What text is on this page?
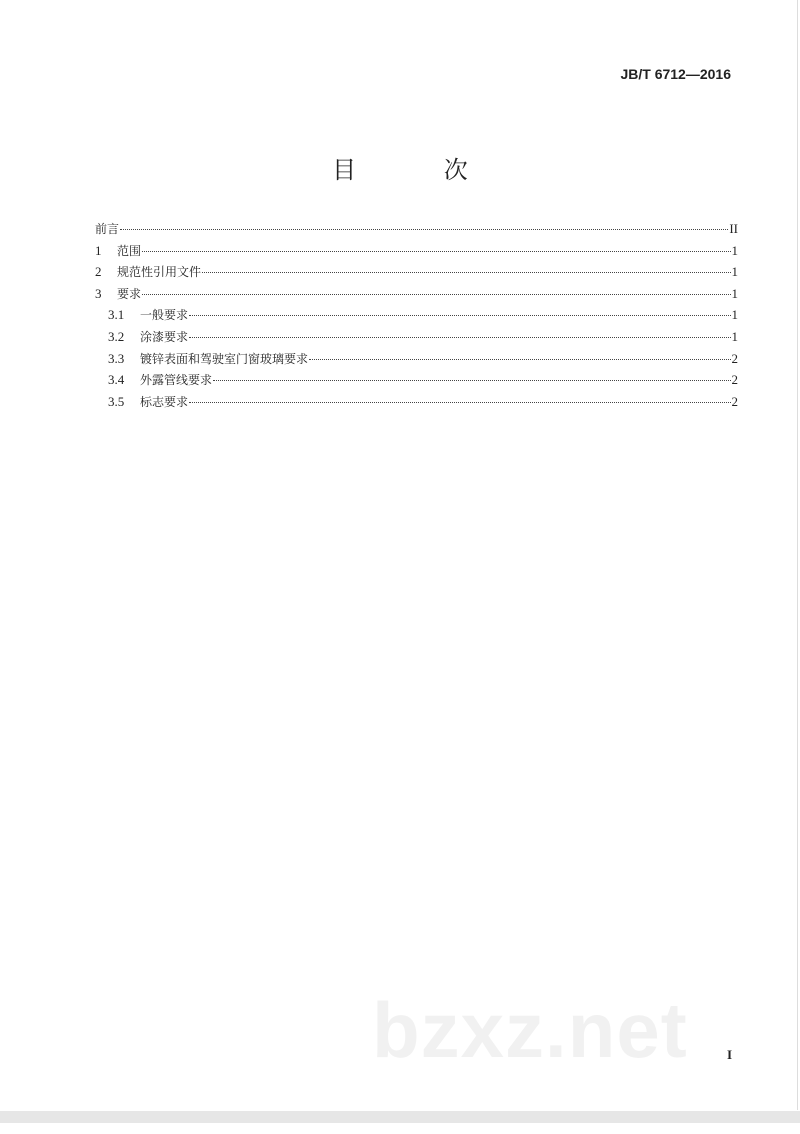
JB/T 6712—2016
目 次
前言	II
1	范围	1
2	规范性引用文件	1
3	要求	1
3.1	一般要求	1
3.2	涂漆要求	1
3.3	镀锌表面和驾驶室门窗玻璃要求	2
3.4	外露管线要求	2
3.5	标志要求	2
bzxz.net	I
